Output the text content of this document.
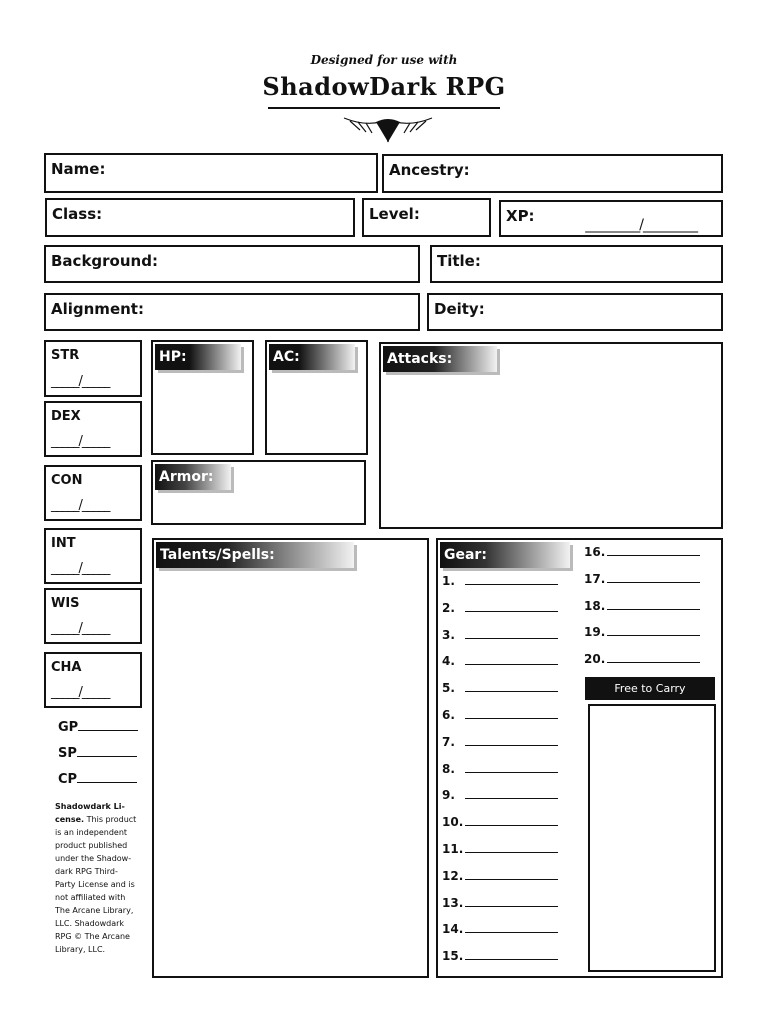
Designed for use with
ShadowDark RPG
Name:	Ancestry:
Class:	Level:	XP:	_________/_________
Background:	Title:
Alignment:	Deity:
STR
_____/_____
DEX
_____/_____
CON
_____/_____
INT
_____/_____
WIS
_____/_____
CHA
_____/_____
GP
SP
CP
Shadowdark Li- cense. This product is an independent product published under the Shadow- dark RPG Third- Party License and is not affiliated with The Arcane Library, LLC. Shadowdark RPG © The Arcane Library, LLC.
HP:	AC:	Attacks:
Armor:
Talents/Spells:	Gear:
1.
2.
3.
4.
5.
6.
7.
8.
9.
10.
11.
12.
13.
14.
15.
16.
17.
18.
19.
20.
Free to Carry
